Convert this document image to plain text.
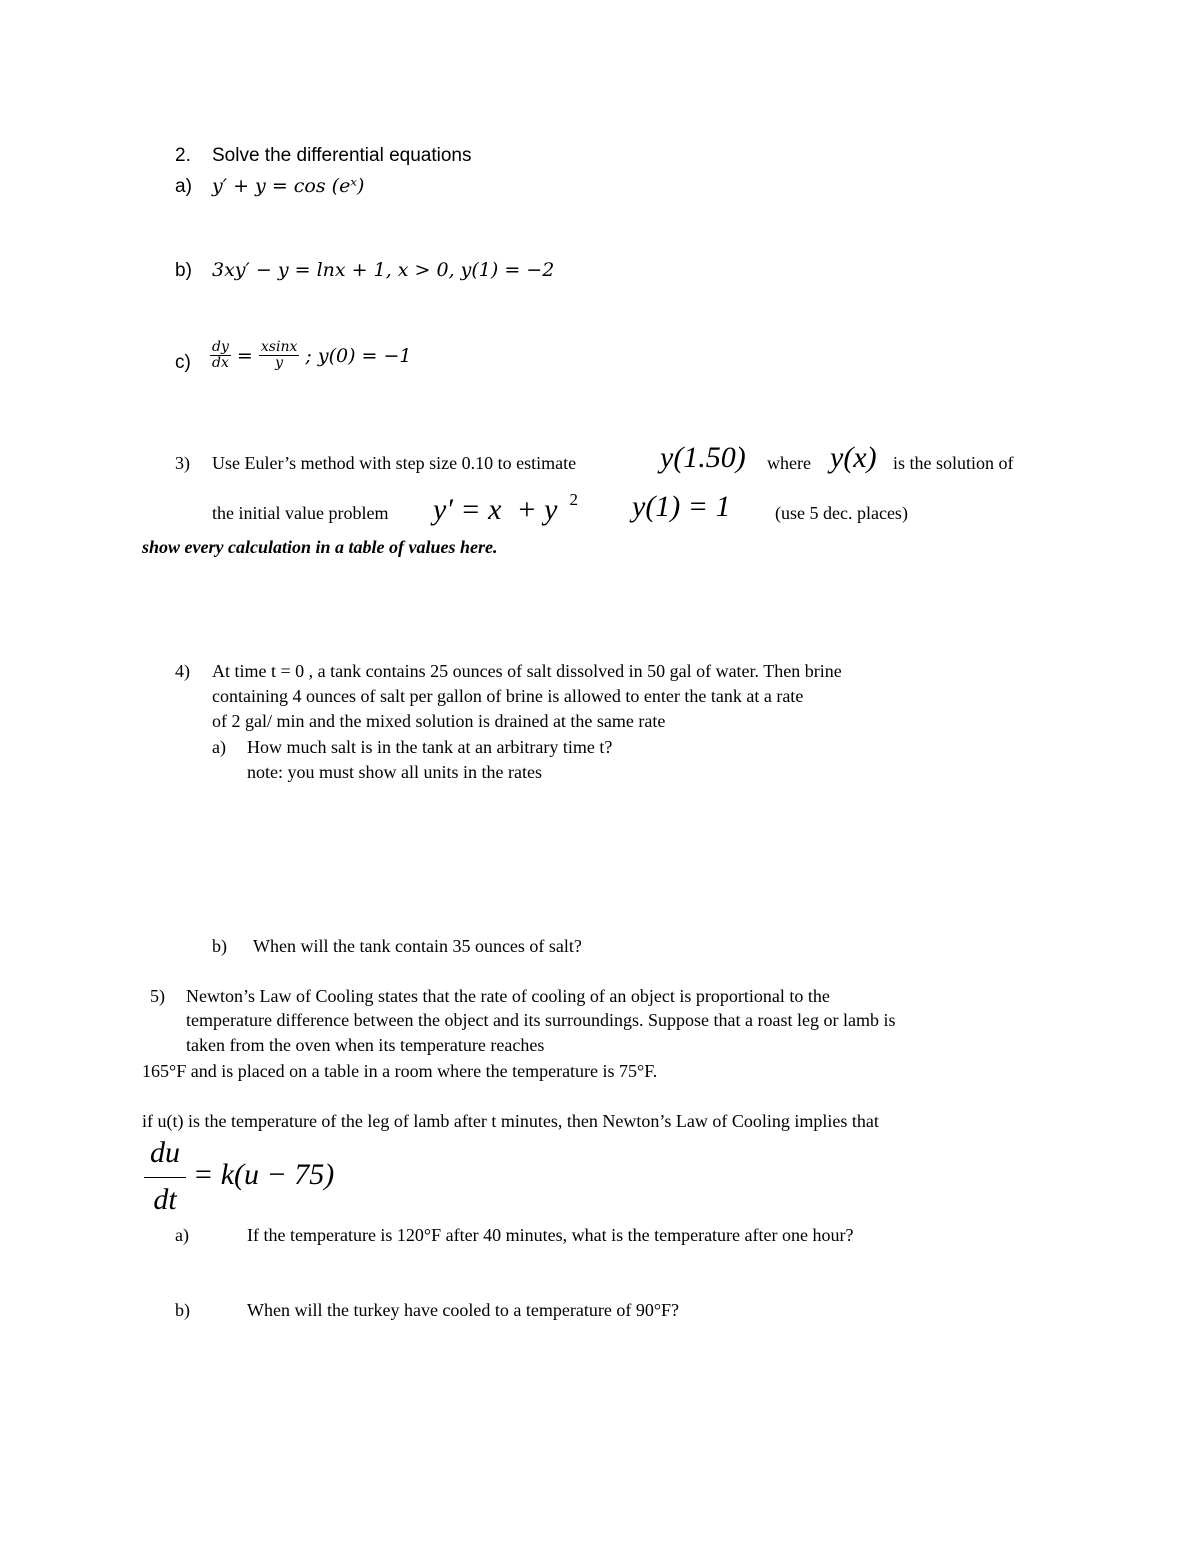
2. Solve the differential equations
a) y′ + y = cos (eˣ)
b) 3xy′ − y = lnx + 1, x > 0, y(1) = −2
$c) \frac{dy}{dx} = \frac{xsinx}{y}$ ; y(0) = −1
3) Use Euler’s method with step size 0.10 to estimate	y(1.50) where y(x) is the solution of
the initial value problem y′ = x  + y $^2$ y(1) = 1 (use 5 dec. places)
show every calculation in a table of values here.
4) At time t = 0 , a tank contains 25 ounces of salt dissolved in 50 gal of water. Then brine
containing 4 ounces of salt per gallon of brine is allowed to enter the tank at a rate
of 2 gal/ min and the mixed solution is drained at the same rate
a) How much salt is in the tank at an arbitrary time t?
note: you must show all units in the rates
b) When will the tank contain 35 ounces of salt?
5) Newton’s Law of Cooling states that the rate of cooling of an object is proportional to the
temperature difference between the object and its surroundings. Suppose that a roast leg or lamb is
taken from the oven when its temperature reaches
165°F and is placed on a table in a room where the temperature is 75°F.
if u(t) is the temperature of the leg of lamb after t minutes, then Newton’s Law of Cooling implies that
du
dt
= k(u − 75)
a)	If the temperature is 120°F after 40 minutes, what is the temperature after one hour?
b)	When will the turkey have cooled to a temperature of 90°F?
